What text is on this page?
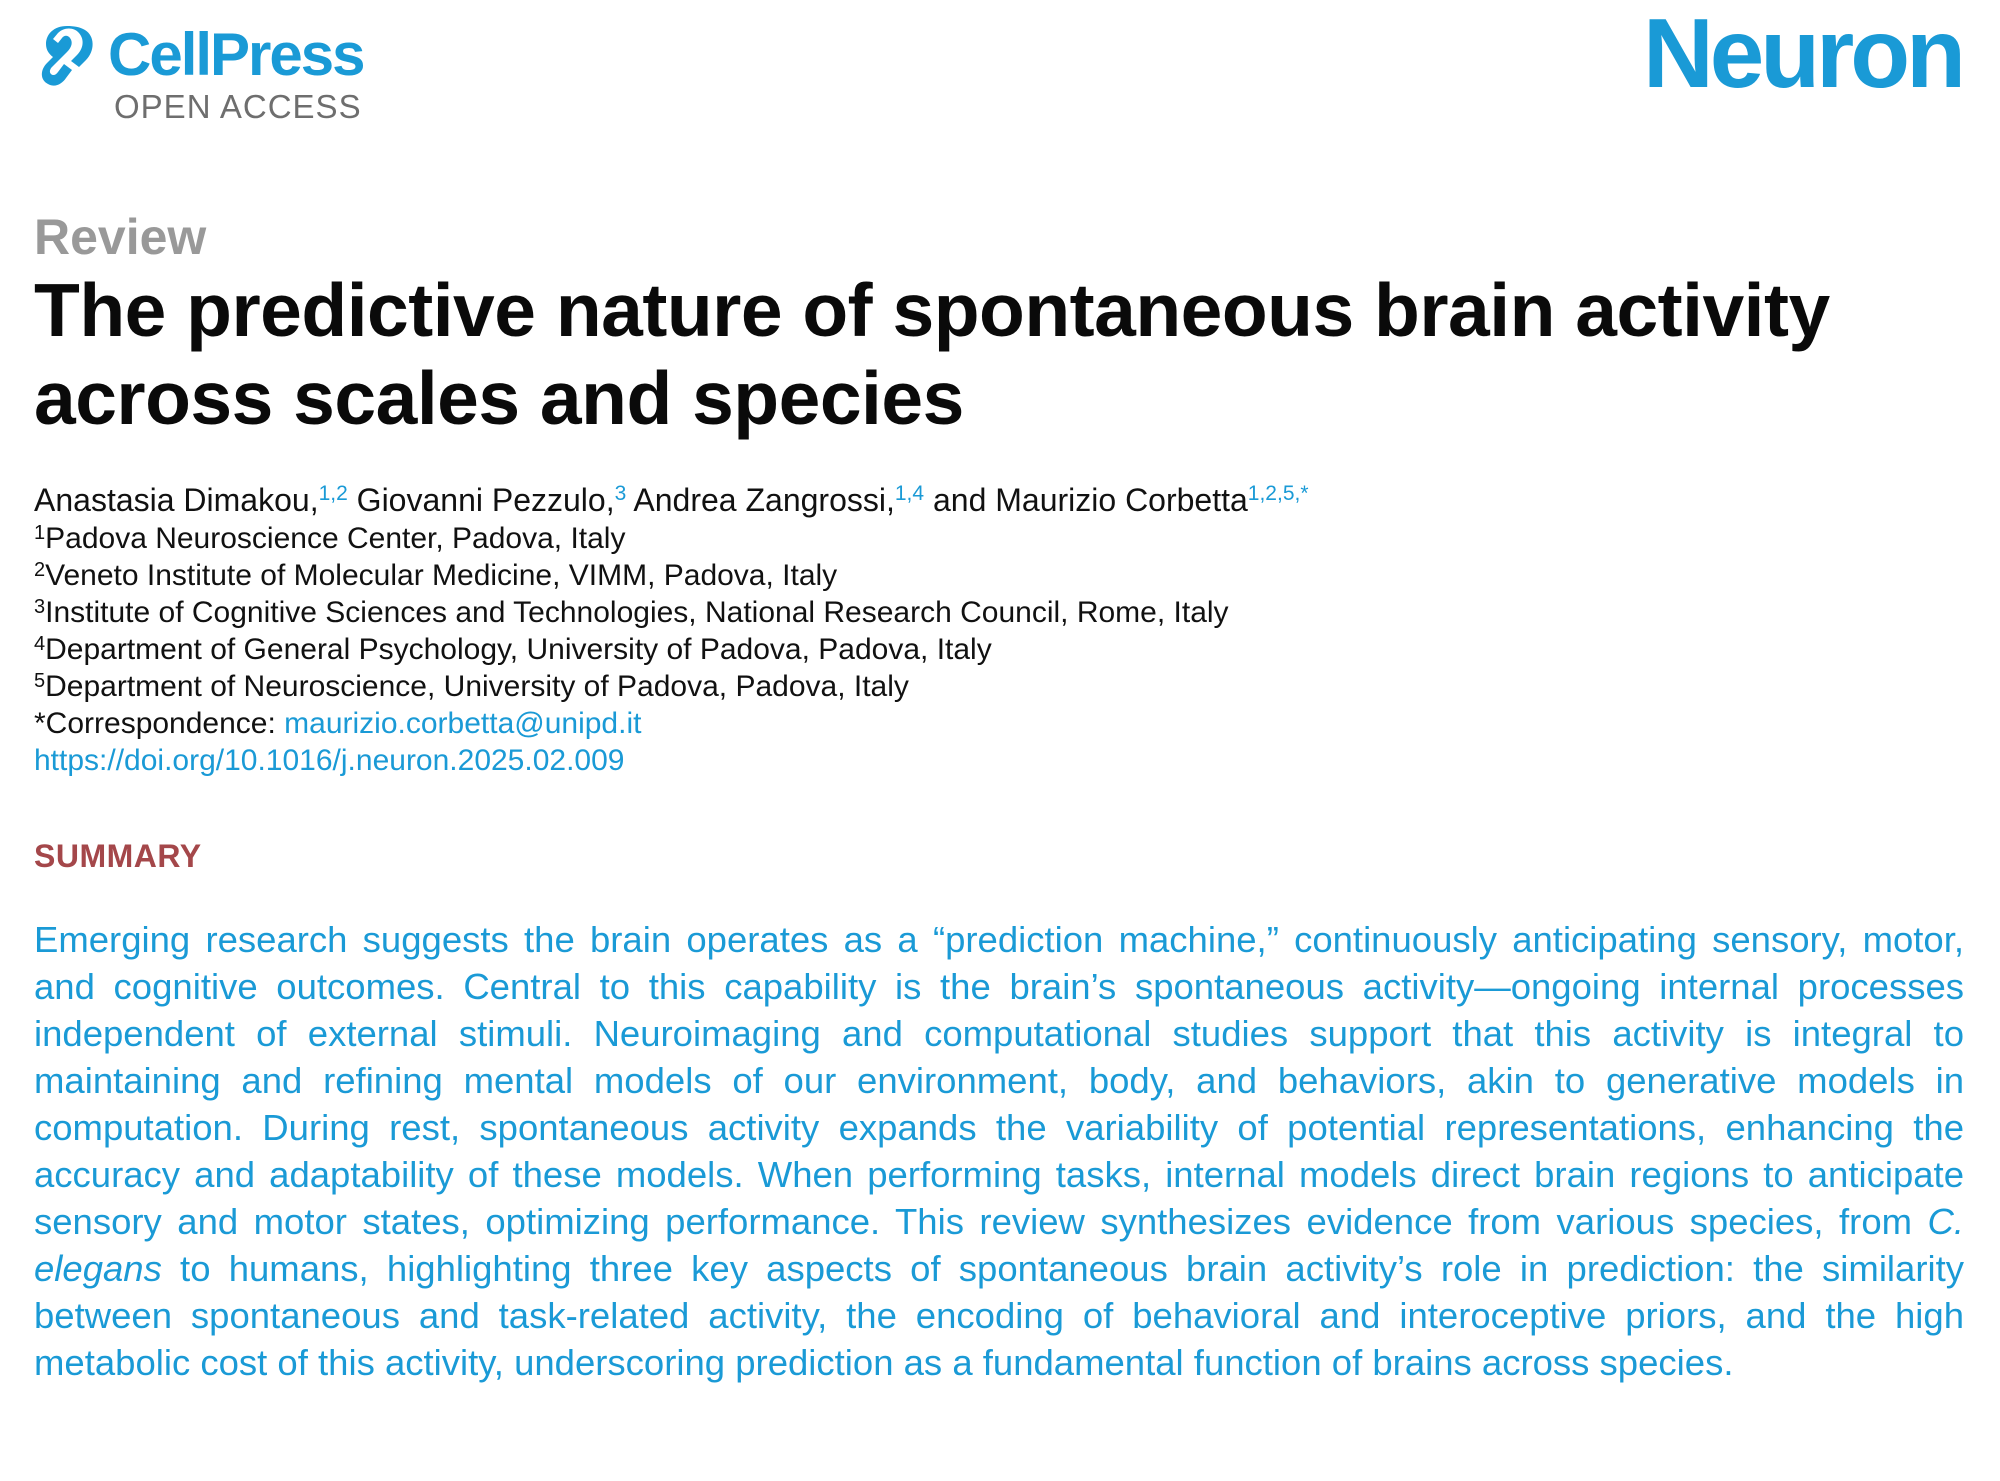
CellPress
OPEN ACCESS	Neuron
Review
The predictive nature of spontaneous brain activity across scales and species
Anastasia Dimakou,$^{1,2}$ Giovanni Pezzulo,$^3$ Andrea Zangrossi,$^{1,4}$ and Maurizio Corbetta$^{1,2,5,*}$
$^1$Padova Neuroscience Center, Padova, Italy
$^2$Veneto Institute of Molecular Medicine, VIMM, Padova, Italy
$^3$Institute of Cognitive Sciences and Technologies, National Research Council, Rome, Italy
$^4$Department of General Psychology, University of Padova, Padova, Italy
$^5$Department of Neuroscience, University of Padova, Padova, Italy
*Correspondence: maurizio.corbetta@unipd.it
https://doi.org/10.1016/j.neuron.2025.02.009
SUMMARY

Emerging research suggests the brain operates as a “prediction machine,” continuously anticipating sensory, motor, and cognitive outcomes. Central to this capability is the brain’s spontaneous activity—ongoing internal processes independent of external stimuli. Neuroimaging and computational studies support that this activity is integral to maintaining and refining mental models of our environment, body, and behaviors, akin to generative models in computation. During rest, spontaneous activity expands the variability of potential representations, enhancing the accuracy and adaptability of these models. When performing tasks, internal models direct brain regions to anticipate sensory and motor states, optimizing performance. This review synthesizes evidence from various species, from C. elegans to humans, highlighting three key aspects of spontaneous brain activity’s role in prediction: the similarity between spontaneous and task-related activity, the encoding of behavioral and interoceptive priors, and the high metabolic cost of this activity, underscoring prediction as a fundamental function of brains across species.
